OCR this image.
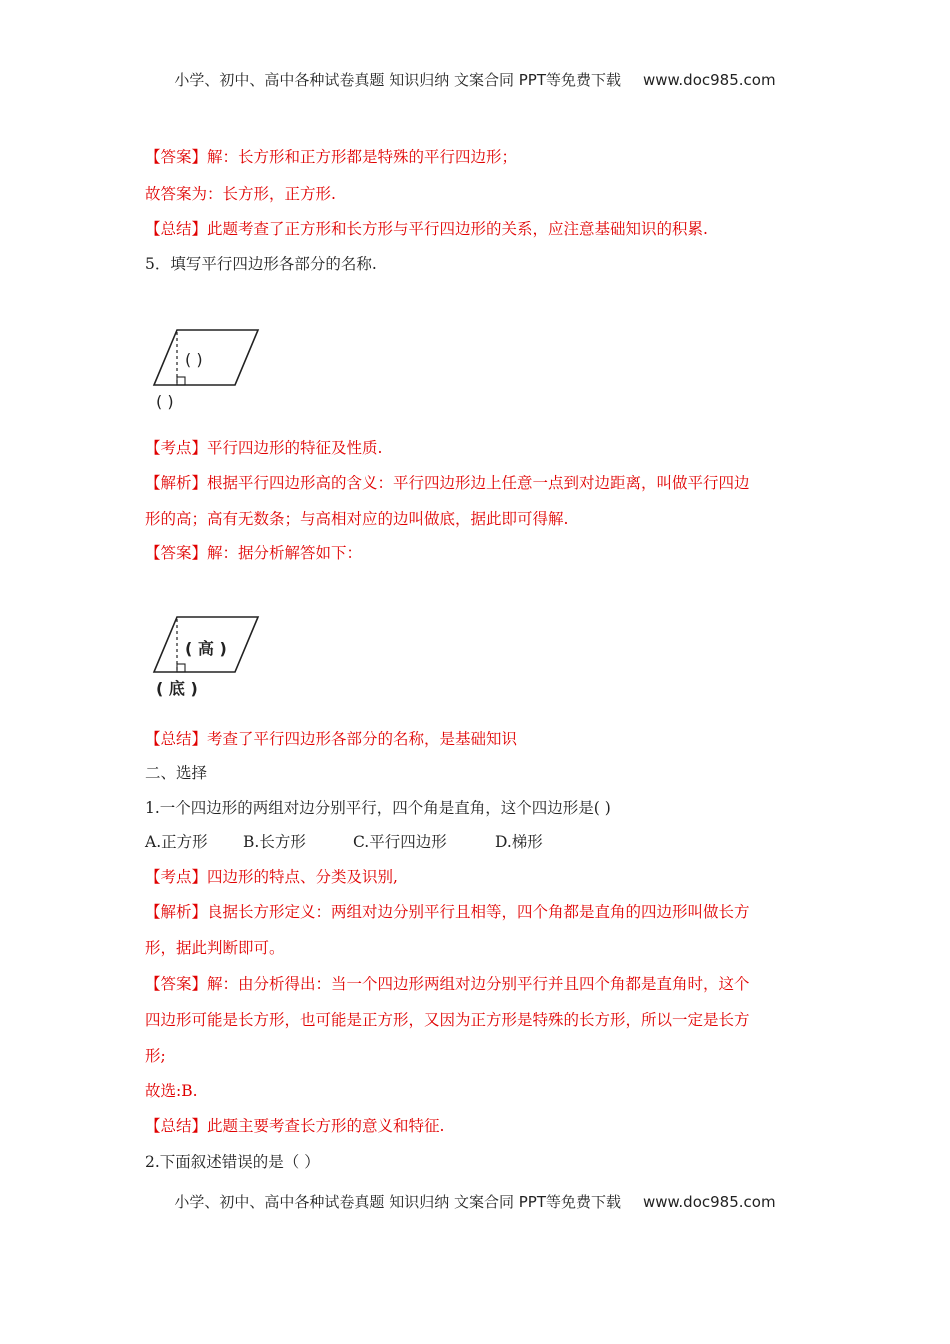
小学、初中、高中各种试卷真题 知识归纳 文案合同 PPT等免费下载 www.doc985.com
【答案】解：长方形和正方形都是特殊的平行四边形；
故答案为：长方形，正方形.
【总结】此题考查了正方形和长方形与平行四边形的关系，应注意基础知识的积累.
5．填写平行四边形各部分的名称.
( )
( )
【考点】平行四边形的特征及性质.
【解析】根据平行四边形高的含义：平行四边形边上任意一点到对边距离，叫做平行四边
形的高；高有无数条；与高相对应的边叫做底，据此即可得解.
【答案】解：据分析解答如下：
( 高 )
( 底 )
【总结】考查了平行四边形各部分的名称，是基础知识
二、选择
1.一个四边形的两组对边分别平行，四个角是直角，这个四边形是( )
A.正方形 B.长方形	C.平行四边形	D.梯形
【考点】四边形的特点、分类及识别,
【解析】良据长方形定义：两组对边分别平行且相等，四个角都是直角的四边形叫做长方
形，据此判断即可。
【答案】解：由分析得出：当一个四边形两组对边分别平行并且四个角都是直角时，这个
四边形可能是长方形，也可能是正方形，又因为正方形是特殊的长方形，所以一定是长方
形;
故选:B.
【总结】此题主要考查长方形的意义和特征.
2.下面叙述错误的是（ ）
小学、初中、高中各种试卷真题 知识归纳 文案合同 PPT等免费下载 www.doc985.com
